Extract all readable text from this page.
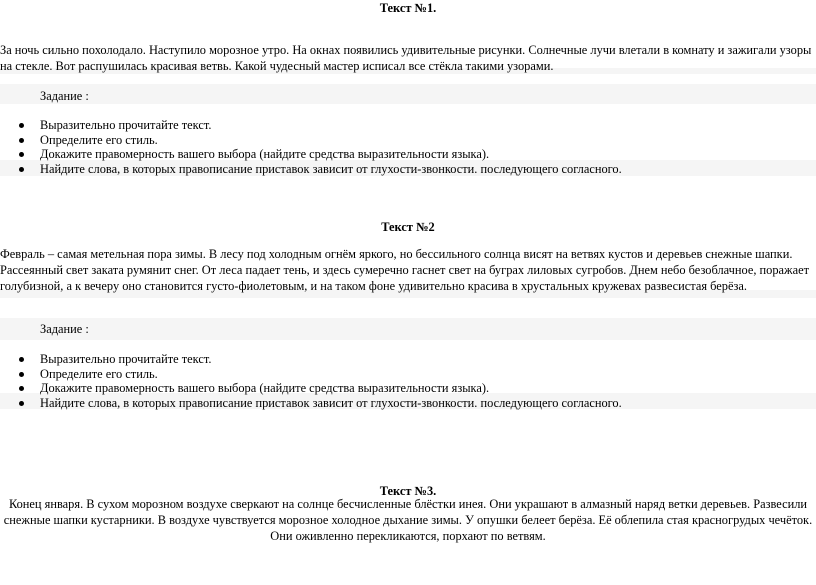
Текст №1.
За ночь сильно похолодало. Наступило морозное утро. На окнах появились удивительные рисунки. Солнечные лучи влетали в комнату и зажигали узоры на стекле. Вот распушилась красивая ветвь. Какой чудесный мастер исписал все стёкла такими узорами.
Задание :
Выразительно прочитайте текст.
Определите его стиль.
Докажите правомерность вашего выбора (найдите средства выразительности языка).
Найдите слова, в которых правописание приставок зависит от глухости-звонкости. последующего согласного.
Текст №2
Февраль – самая метельная пора зимы. В лесу под холодным огнём яркого, но бессильного солнца висят на ветвях кустов и деревьев снежные шапки. Рассеянный свет заката румянит снег. От леса падает тень, и здесь сумеречно гаснет свет на буграх лиловых сугробов. Днем небо безоблачное, поражает голубизной, а к вечеру оно становится густо-фиолетовым, и на таком фоне удивительно красива в хрустальных кружевах развесистая берёза.
Задание :
Выразительно прочитайте текст.
Определите его стиль.
Докажите правомерность вашего выбора (найдите средства выразительности языка).
Найдите слова, в которых правописание приставок зависит от глухости-звонкости. последующего согласного.
Текст №3.
Конец января. В сухом морозном воздухе сверкают на солнце бесчисленные блёстки инея. Они украшают в алмазный наряд ветки деревьев. Развесили снежные шапки кустарники. В воздухе чувствуется морозное холодное дыхание зимы. У опушки белеет берёза. Её облепила стая красногрудых чечёток. Они оживленно перекликаются, порхают по ветвям.
